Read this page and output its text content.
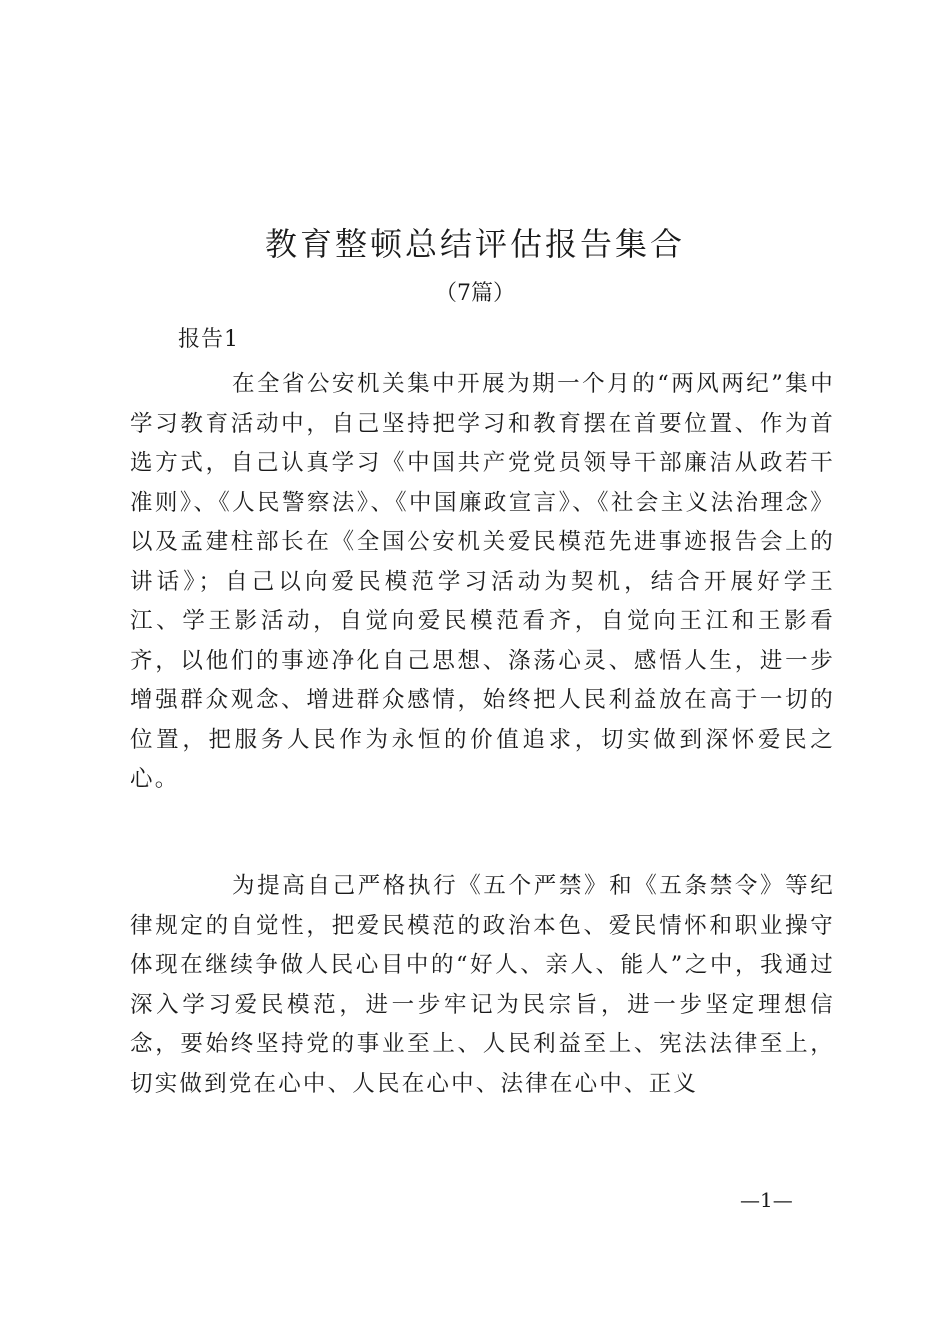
教育整顿总结评估报告集合
（7篇）
报告1

在全省公安机关集中开展为期一个月的“两风两纪”集中学习教育活动中，自己坚持把学习和教育摆在首要位置、作为首选方式，自己认真学习《中国共产党党员领导干部廉洁从政若干准则》、《人民警察法》、《中国廉政宣言》、《社会主义法治理念》以及孟建柱部长在《全国公安机关爱民模范先进事迹报告会上的讲话》；自己以向爱民模范学习活动为契机，结合开展好学王江、学王影活动，自觉向爱民模范看齐，自觉向王江和王影看齐，以他们的事迹净化自己思想、涤荡心灵、感悟人生，进一步增强群众观念、增进群众感情，始终把人民利益放在高于一切的位置，把服务人民作为永恒的价值追求，切实做到深怀爱民之心。

为提高自己严格执行《五个严禁》和《五条禁令》等纪律规定的自觉性，把爱民模范的政治本色、爱民情怀和职业操守体现在继续争做人民心目中的“好人、亲人、能人”之中，我通过深入学习爱民模范，进一步牢记为民宗旨，进一步坚定理想信念，要始终坚持党的事业至上、人民利益至上、宪法法律至上，切实做到党在心中、人民在心中、法律在心中、正义

—1—
